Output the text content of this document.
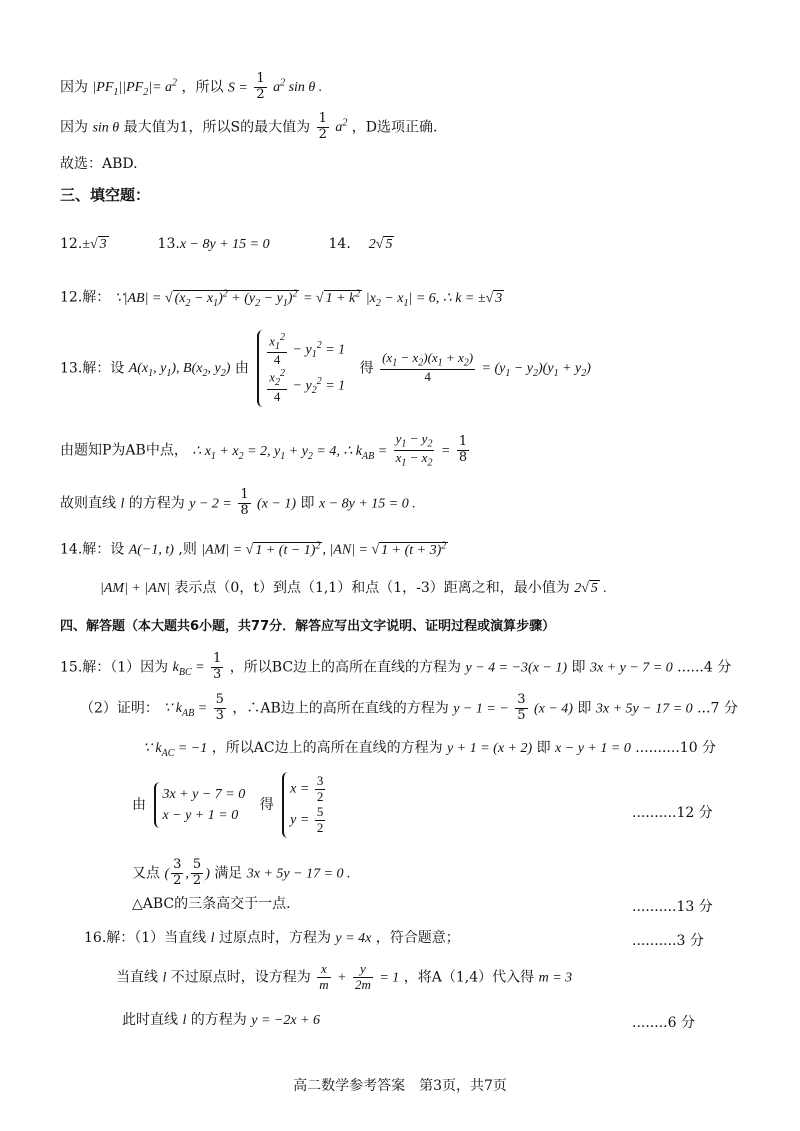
因为 $|PF_1||PF_2|= a^2$ ，所以 $S = \frac{1}{2} a^2$ sin θ .
因为 sin θ 最大值为1，所以S的最大值为 $\frac{1}{2} a^2$ ，D选项正确.
故选：ABD.
三、填空题：
12.±√ 3	13.x − 8y + 15 = 0	14. 2√ 5
12.解： ∵|AB| = √ $(x_2 - x_1)^2 + (y_2 - y_1)^2$ = √ $1 + k^2$ $|x_2 - x_1| = 6$, ∴ k = ±√ 3
13.解：设 $A(x_1$, $y_1$), $B(x_2$, $y_2$) 由 $\frac{x_1^2}{4} - y_1^2 = 1$
$\frac{x_2^2}{4} - y_2^2 = 1$
得 $\frac{(x_1 - x_2)(x_1 + x_2)}{4} = (y_1 - y_2)(y_1 + y_2)$
由题知P为AB中点， ∴ $x_1 + x_2 = 2$, $y_1 + y_2 = 4$, ∴ $k_{AB} = \frac{y_1 - y_2}{x_1 - x_2} = \frac{1}{8}$
故则直线 l 的方程为 $y - 2 = \frac{1}{8} (x - 1)$ 即 x − 8y + 15 = 0 .
14.解：设 A(−1, t) ,则 |AM| = √ $1 + (t - 1)^2$ , |AN| = √ $1 + (t + 3)^2$
|AM| + |AN| 表示点（0，t）到点（1,1）和点（1，-3）距离之和，最小值为 2√ 5 .
四、解答题（本大题共6小题，共77分．解答应写出文字说明、证明过程或演算步骤）
15.解：（1）因为 $k_{BC} = \frac{1}{3}$ ，所以BC边上的高所在直线的方程为 y − 4 = −3(x − 1) 即 3x + y − 7 = 0 ......4 分
（2）证明： ∵ $k_{AB} = \frac{5}{3}$ ，∴AB边上的高所在直线的方程为 y − 1 = − $\frac{3}{5} (x - 4)$ 即 3x + 5y − 17 = 0 ...7 分
∵ $k_{AC} = -1$ ，所以AC边上的高所在直线的方程为 y + 1 = (x + 2) 即 x − y + 1 = 0 ..........10 分
由
3x + y − 7 = 0
x − y + 1 = 0
得
$x = \frac{3}{2}$
$y = \frac{5}{2}$	..........12 分
又点 ( $\frac{3}{2}$ , $\frac{5}{2}$ ) 满足 3x + 5y − 17 = 0 .
△ABC的三条高交于一点.	..........13 分
16.解：（1）当直线 l 过原点时，方程为 y = 4x ，符合题意；	..........3 分
当直线 l 不过原点时，设方程为 $\frac{x}{m} + \frac{y}{2m} = 1$ ，将A（1,4）代入得 m = 3
此时直线 l 的方程为 y = −2x + 6	........6 分
高二数学参考答案　第3页，共7页
